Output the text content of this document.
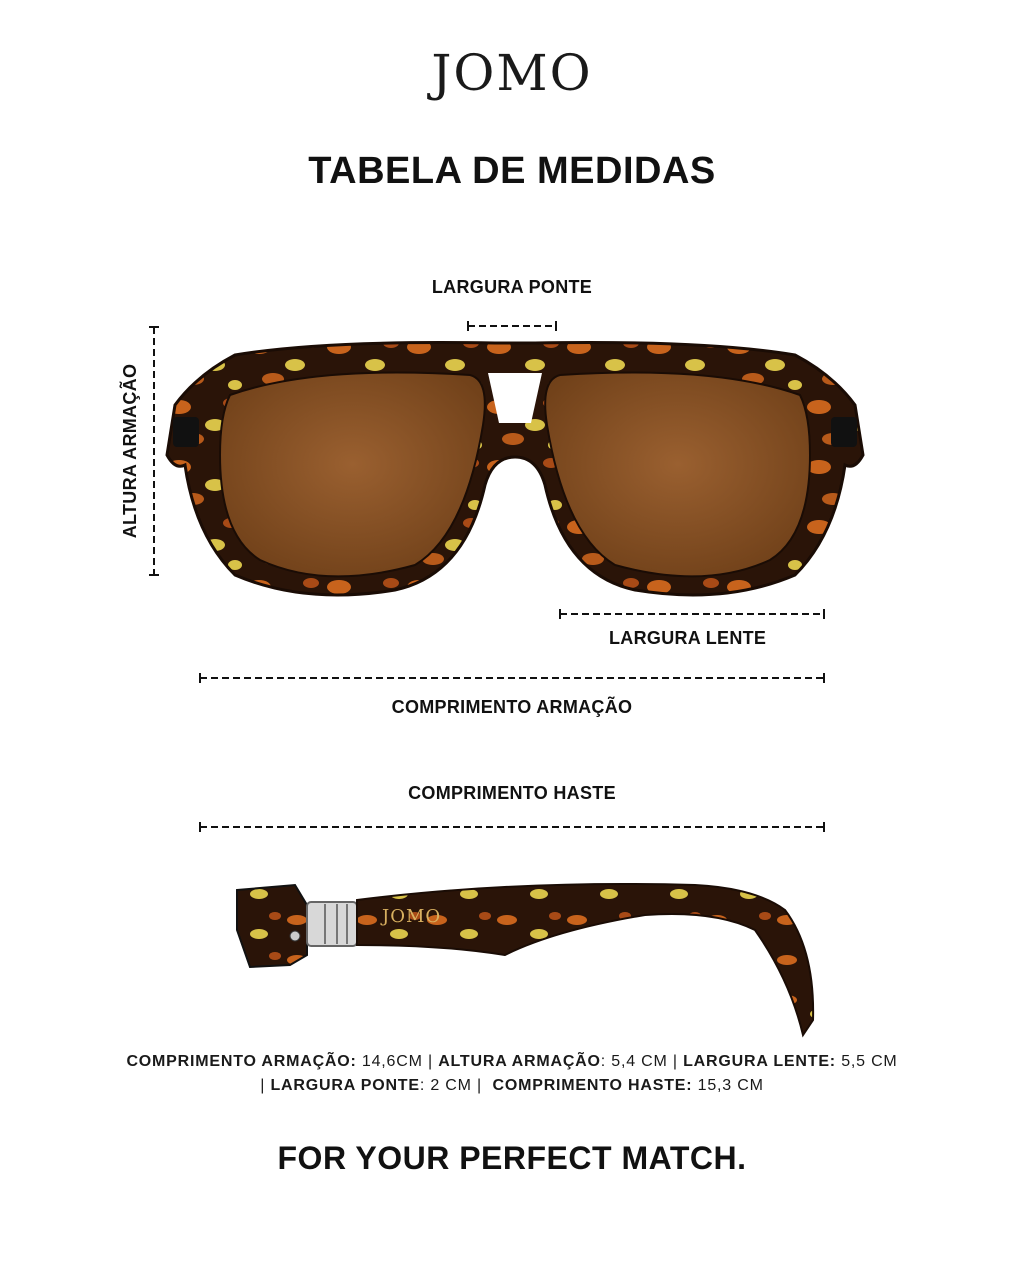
JOMO
TABELA DE MEDIDAS
LARGURA PONTE
ALTURA ARMAÇÃO
LARGURA LENTE
COMPRIMENTO ARMAÇÃO
COMPRIMENTO HASTE
JOMO
COMPRIMENTO ARMAÇÃO: 14,6CM | ALTURA ARMAÇÃO: 5,4 CM | LARGURA LENTE: 5,5 CM
| LARGURA PONTE: 2 CM |  COMPRIMENTO HASTE: 15,3 CM
FOR YOUR PERFECT MATCH.
